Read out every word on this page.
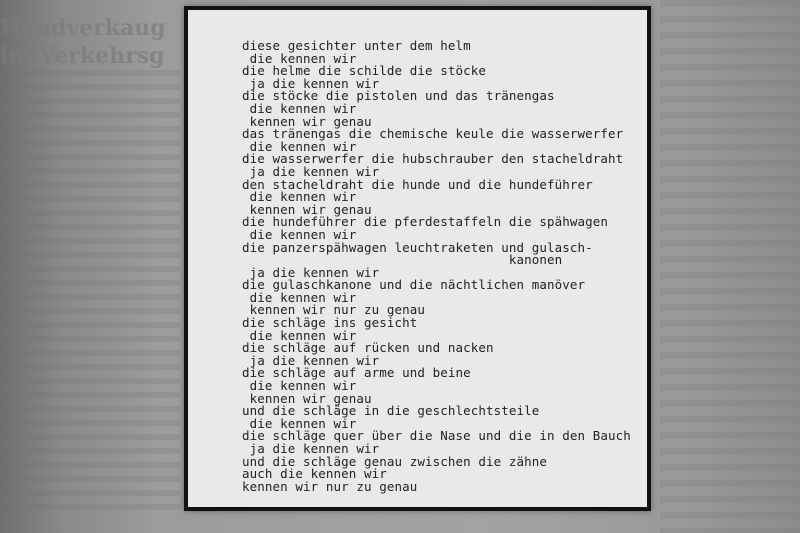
Handverkaug
im Verkehrsg	diese gesichter unter dem helm
die kennen wir
die helme die schilde die stöcke
ja die kennen wir
die stöcke die pistolen und das tränengas
die kennen wir
kennen wir genau
das tränengas die chemische keule die wasserwerfer
die kennen wir
die wasserwerfer die hubschrauber den stacheldraht
ja die kennen wir
den stacheldraht die hunde und die hundeführer
die kennen wir
kennen wir genau
die hundeführer die pferdestaffeln die spähwagen
die kennen wir
die panzerspähwagen leuchtraketen und gulasch-
kanonen
ja die kennen wir
die gulaschkanone und die nächtlichen manöver
die kennen wir
kennen wir nur zu genau
die schläge ins gesicht
die kennen wir
die schläge auf rücken und nacken
ja die kennen wir
die schläge auf arme und beine
die kennen wir
kennen wir genau
und die schläge in die geschlechtsteile
die kennen wir
die schläge quer über die Nase und die in den Bauch
ja die kennen wir
und die schläge genau zwischen die zähne
auch die kennen wir
kennen wir nur zu genau
